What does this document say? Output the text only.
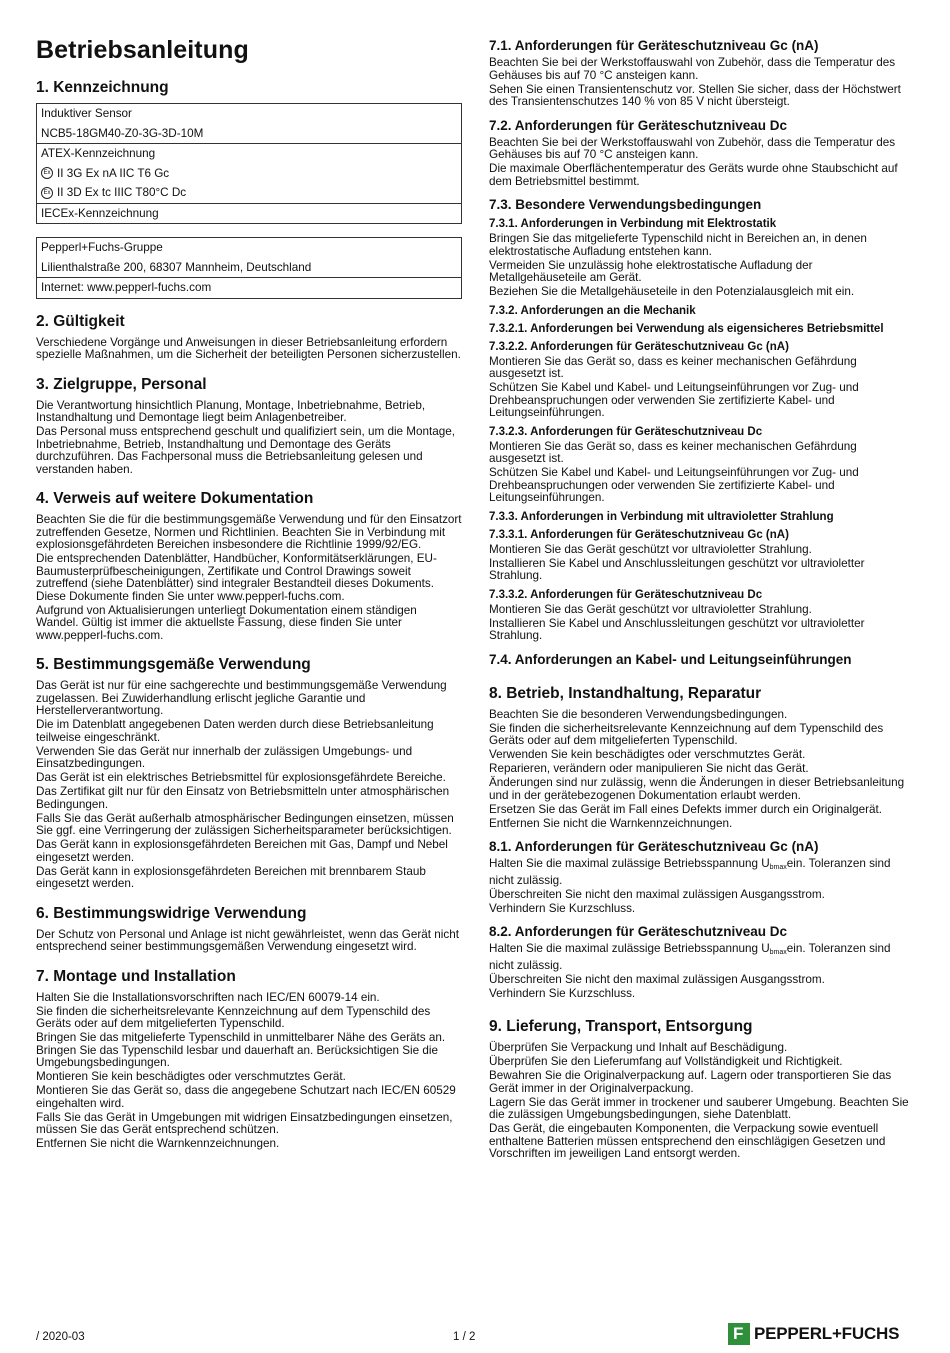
Betriebsanleitung
1. Kennzeichnung
Induktiver Sensor
NCB5-18GM40-Z0-3G-3D-10M

ATEX-Kennzeichnung
Ex II 3G Ex nA IIC T6 Gc
Ex II 3D Ex tc IIIC T80°C Dc

IECEx-Kennzeichnung
Pepperl+Fuchs-Gruppe
Lilienthalstraße 200, 68307 Mannheim, Deutschland

Internet: www.pepperl-fuchs.com
2. Gültigkeit

Verschiedene Vorgänge und Anweisungen in dieser Betriebsanleitung erfordern spezielle Maßnahmen, um die Sicherheit der beteiligten Personen sicherzustellen.

3. Zielgruppe, Personal

Die Verantwortung hinsichtlich Planung, Montage, Inbetriebnahme, Betrieb, Instandhaltung und Demontage liegt beim Anlagenbetreiber.

Das Personal muss entsprechend geschult und qualifiziert sein, um die Montage, Inbetriebnahme, Betrieb, Instandhaltung und Demontage des Geräts durchzuführen. Das Fachpersonal muss die Betriebsanleitung gelesen und verstanden haben.

4. Verweis auf weitere Dokumentation

Beachten Sie die für die bestimmungsgemäße Verwendung und für den Einsatzort zutreffenden Gesetze, Normen und Richtlinien. Beachten Sie in Verbindung mit explosionsgefährdeten Bereichen insbesondere die Richtlinie 1999/92/EG.

Die entsprechenden Datenblätter, Handbücher, Konformitätserklärungen, EU-Baumusterprüfbescheinigungen, Zertifikate und Control Drawings soweit zutreffend (siehe Datenblätter) sind integraler Bestandteil dieses Dokuments. Diese Dokumente finden Sie unter www.pepperl-fuchs.com.

Aufgrund von Aktualisierungen unterliegt Dokumentation einem ständigen Wandel. Gültig ist immer die aktuellste Fassung, diese finden Sie unter www.pepperl-fuchs.com.

5. Bestimmungsgemäße Verwendung

Das Gerät ist nur für eine sachgerechte und bestimmungsgemäße Verwendung zugelassen. Bei Zuwiderhandlung erlischt jegliche Garantie und Herstellerverantwortung.

Die im Datenblatt angegebenen Daten werden durch diese Betriebsanleitung teilweise eingeschränkt.

Verwenden Sie das Gerät nur innerhalb der zulässigen Umgebungs- und Einsatzbedingungen.

Das Gerät ist ein elektrisches Betriebsmittel für explosionsgefährdete Bereiche.

Das Zertifikat gilt nur für den Einsatz von Betriebsmitteln unter atmosphärischen Bedingungen.

Falls Sie das Gerät außerhalb atmosphärischer Bedingungen einsetzen, müssen Sie ggf. eine Verringerung der zulässigen Sicherheitsparameter berücksichtigen.

Das Gerät kann in explosionsgefährdeten Bereichen mit Gas, Dampf und Nebel eingesetzt werden.

Das Gerät kann in explosionsgefährdeten Bereichen mit brennbarem Staub eingesetzt werden.

6. Bestimmungswidrige Verwendung

Der Schutz von Personal und Anlage ist nicht gewährleistet, wenn das Gerät nicht entsprechend seiner bestimmungsgemäßen Verwendung eingesetzt wird.

7. Montage und Installation

Halten Sie die Installationsvorschriften nach IEC/EN 60079-14 ein.

Sie finden die sicherheitsrelevante Kennzeichnung auf dem Typenschild des Geräts oder auf dem mitgelieferten Typenschild.

Bringen Sie das mitgelieferte Typenschild in unmittelbarer Nähe des Geräts an. Bringen Sie das Typenschild lesbar und dauerhaft an. Berücksichtigen Sie die Umgebungsbedingungen.

Montieren Sie kein beschädigtes oder verschmutztes Gerät.

Montieren Sie das Gerät so, dass die angegebene Schutzart nach IEC/EN 60529 eingehalten wird.

Falls Sie das Gerät in Umgebungen mit widrigen Einsatzbedingungen einsetzen, müssen Sie das Gerät entsprechend schützen.

Entfernen Sie nicht die Warnkennzeichnungen.

7.1. Anforderungen für Geräteschutzniveau Gc (nA)

Beachten Sie bei der Werkstoffauswahl von Zubehör, dass die Temperatur des Gehäuses bis auf 70 °C ansteigen kann.

Sehen Sie einen Transientenschutz vor. Stellen Sie sicher, dass der Höchstwert des Transientenschutzes 140 % von 85 V nicht übersteigt.

7.2. Anforderungen für Geräteschutzniveau Dc

Beachten Sie bei der Werkstoffauswahl von Zubehör, dass die Temperatur des Gehäuses bis auf 70 °C ansteigen kann.

Die maximale Oberflächentemperatur des Geräts wurde ohne Staubschicht auf dem Betriebsmittel bestimmt.

7.3. Besondere Verwendungsbedingungen
7.3.1. Anforderungen in Verbindung mit Elektrostatik

Bringen Sie das mitgelieferte Typenschild nicht in Bereichen an, in denen elektrostatische Aufladung entstehen kann.

Vermeiden Sie unzulässig hohe elektrostatische Aufladung der Metallgehäuseteile am Gerät.

Beziehen Sie die Metallgehäuseteile in den Potenzialausgleich mit ein.

7.3.2. Anforderungen an die Mechanik
7.3.2.1. Anforderungen bei Verwendung als eigensicheres Betriebsmittel
7.3.2.2. Anforderungen für Geräteschutzniveau Gc (nA)

Montieren Sie das Gerät so, dass es keiner mechanischen Gefährdung ausgesetzt ist.

Schützen Sie Kabel und Kabel- und Leitungseinführungen vor Zug- und Drehbeanspruchungen oder verwenden Sie zertifizierte Kabel- und Leitungseinführungen.

7.3.2.3. Anforderungen für Geräteschutzniveau Dc

Montieren Sie das Gerät so, dass es keiner mechanischen Gefährdung ausgesetzt ist.

Schützen Sie Kabel und Kabel- und Leitungseinführungen vor Zug- und Drehbeanspruchungen oder verwenden Sie zertifizierte Kabel- und Leitungseinführungen.

7.3.3. Anforderungen in Verbindung mit ultravioletter Strahlung
7.3.3.1. Anforderungen für Geräteschutzniveau Gc (nA)

Montieren Sie das Gerät geschützt vor ultravioletter Strahlung.

Installieren Sie Kabel und Anschlussleitungen geschützt vor ultravioletter Strahlung.

7.3.3.2. Anforderungen für Geräteschutzniveau Dc

Montieren Sie das Gerät geschützt vor ultravioletter Strahlung.

Installieren Sie Kabel und Anschlussleitungen geschützt vor ultravioletter Strahlung.

7.4. Anforderungen an Kabel- und Leitungseinführungen
8. Betrieb, Instandhaltung, Reparatur

Beachten Sie die besonderen Verwendungsbedingungen.

Sie finden die sicherheitsrelevante Kennzeichnung auf dem Typenschild des Geräts oder auf dem mitgelieferten Typenschild.

Verwenden Sie kein beschädigtes oder verschmutztes Gerät.

Reparieren, verändern oder manipulieren Sie nicht das Gerät.

Änderungen sind nur zulässig, wenn die Änderungen in dieser Betriebsanleitung und in der gerätebezogenen Dokumentation erlaubt werden.

Ersetzen Sie das Gerät im Fall eines Defekts immer durch ein Originalgerät.

Entfernen Sie nicht die Warnkennzeichnungen.

8.1. Anforderungen für Geräteschutzniveau Gc (nA)

Halten Sie die maximal zulässige Betriebsspannung $U_{bmax}ein$. Toleranzen sind nicht zulässig.

Überschreiten Sie nicht den maximal zulässigen Ausgangsstrom.

Verhindern Sie Kurzschluss.

8.2. Anforderungen für Geräteschutzniveau Dc

Halten Sie die maximal zulässige Betriebsspannung $U_{bmax}ein$. Toleranzen sind nicht zulässig.

Überschreiten Sie nicht den maximal zulässigen Ausgangsstrom.

Verhindern Sie Kurzschluss.

9. Lieferung, Transport, Entsorgung

Überprüfen Sie Verpackung und Inhalt auf Beschädigung.

Überprüfen Sie den Lieferumfang auf Vollständigkeit und Richtigkeit.

Bewahren Sie die Originalverpackung auf. Lagern oder transportieren Sie das Gerät immer in der Originalverpackung.

Lagern Sie das Gerät immer in trockener und sauberer Umgebung. Beachten Sie die zulässigen Umgebungsbedingungen, siehe Datenblatt.

Das Gerät, die eingebauten Komponenten, die Verpackung sowie eventuell enthaltene Batterien müssen entsprechend den einschlägigen Gesetzen und Vorschriften im jeweiligen Land entsorgt werden.

/ 2020-03	1 / 2	F PEPPERL+FUCHS
